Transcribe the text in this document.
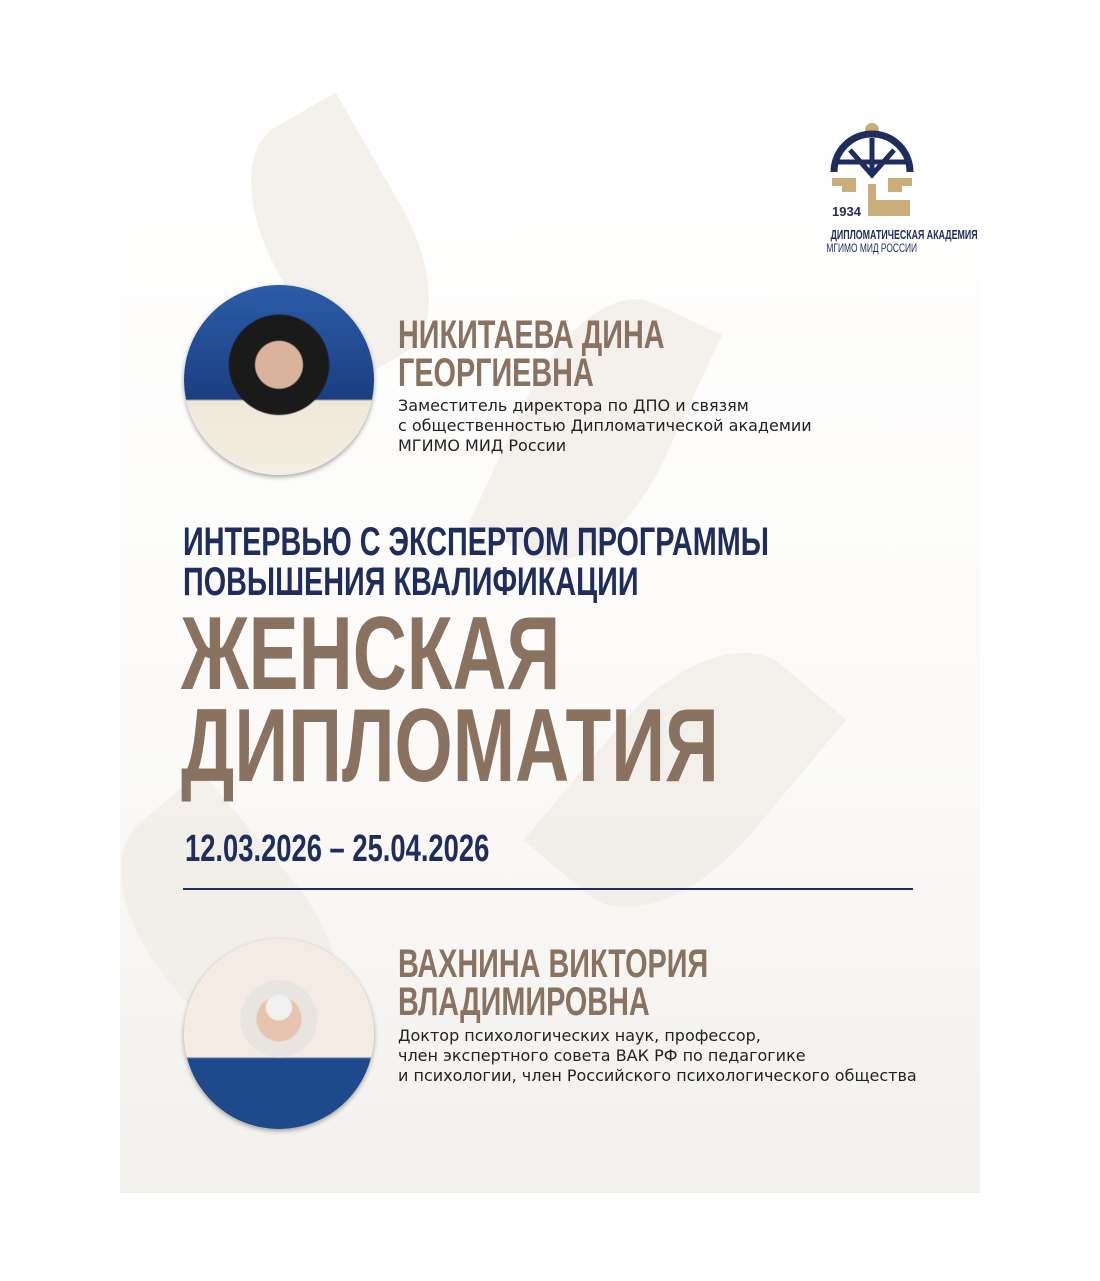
1934
ДИПЛОМАТИЧЕСКАЯ АКАДЕМИЯ
МГИМО МИД РОССИИ
НИКИТАЕВА ДИНА
ГЕОРГИЕВНА
Заместитель директора по ДПО и связям
с общественностью Дипломатической академии
МГИМО МИД России
ИНТЕРВЬЮ С ЭКСПЕРТОМ ПРОГРАММЫ
ПОВЫШЕНИЯ КВАЛИФИКАЦИИ
ЖЕНСКАЯ
ДИПЛОМАТИЯ
12.03.2026 – 25.04.2026
ВАХНИНА ВИКТОРИЯ
ВЛАДИМИРОВНА
Доктор психологических наук, профессор,
член экспертного совета ВАК РФ по педагогике
и психологии, член Российского психологического общества
